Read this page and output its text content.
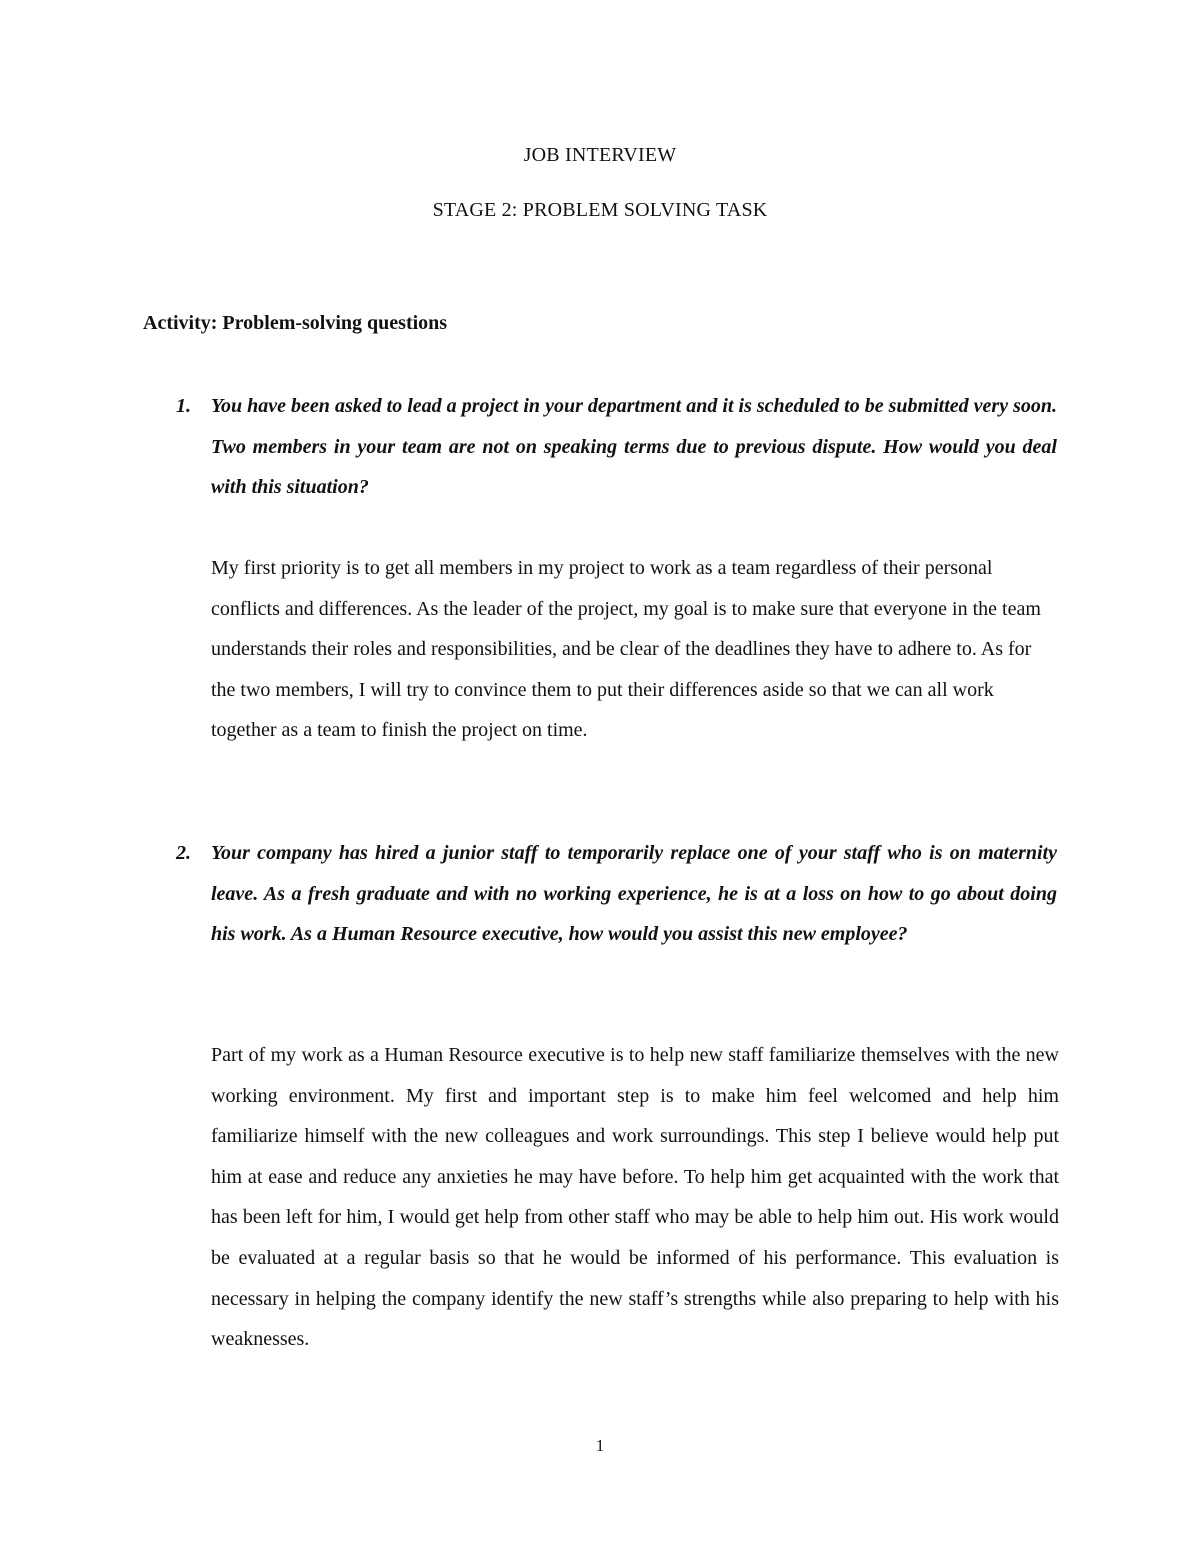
JOB INTERVIEW
STAGE 2: PROBLEM SOLVING TASK
Activity: Problem-solving questions
1. You have been asked to lead a project in your department and it is scheduled to be submitted very soon. Two members in your team are not on speaking terms due to previous dispute. How would you deal with this situation?
My first priority is to get all members in my project to work as a team regardless of their personal conflicts and differences. As the leader of the project, my goal is to make sure that everyone in the team understands their roles and responsibilities, and be clear of the deadlines they have to adhere to. As for the two members, I will try to convince them to put their differences aside so that we can all work together as a team to finish the project on time.
2. Your company has hired a junior staff to temporarily replace one of your staff who is on maternity leave. As a fresh graduate and with no working experience, he is at a loss on how to go about doing his work. As a Human Resource executive, how would you assist this new employee?
Part of my work as a Human Resource executive is to help new staff familiarize themselves with the new working environment. My first and important step is to make him feel welcomed and help him familiarize himself with the new colleagues and work surroundings. This step I believe would help put him at ease and reduce any anxieties he may have before. To help him get acquainted with the work that has been left for him, I would get help from other staff who may be able to help him out. His work would be evaluated at a regular basis so that he would be informed of his performance. This evaluation is necessary in helping the company identify the new staff’s strengths while also preparing to help with his weaknesses.
1
